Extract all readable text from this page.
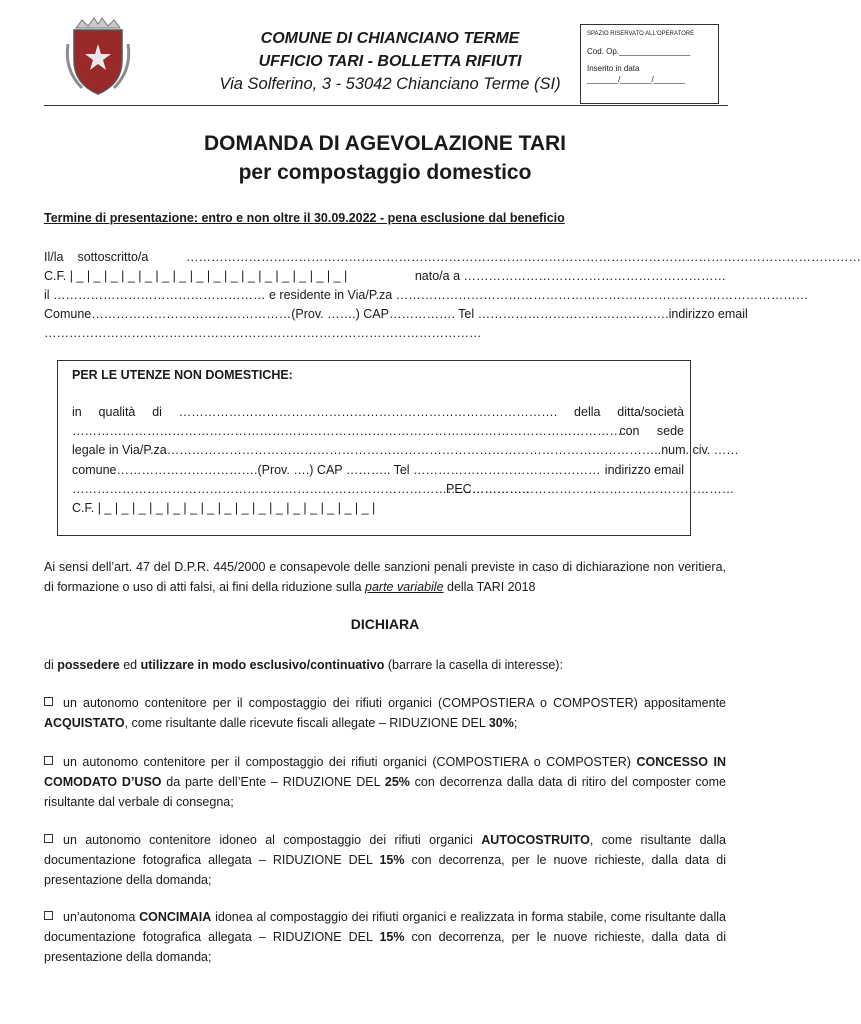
COMUNE DI CHIANCIANO TERME
UFFICIO TARI - BOLLETTA RIFIUTI
Via Solferino, 3 - 53042 Chianciano Terme (SI)
SPAZIO RISERVATO ALL'OPERATORE
Cod. Op.________________
Inserito in data
_______/_______/_______
DOMANDA DI AGEVOLAZIONE TARI
per compostaggio domestico
Termine di presentazione: entro e non oltre il 30.09.2022 - pena esclusione dal beneficio
Il/la sottoscritto/a	………………………………………………………………………………………………………………………………………………
C.F. | _ | _ | _ | _ | _ | _ | _ | _ | _ | _ | _ | _ | _ | _ | _ | _ |	nato/a a ………………………………………………………
il …………………………………………… e residente in Via/P.za ………………………………………………………………………………………
Comune………………………………………… (Prov. …….) CAP……………. Tel ………………………………………. indirizzo email
……………………………………………………………………………………………
PER LE UTENZE NON DOMESTICHE:
in qualità di ………………………………………………………………………………. della ditta/società
……………………………………………………………………………………………………………………
con sede
legale in Via/P.za………………………………………………………………………………………………………..num. civ. ……
comune…………………………….(Prov. ….) CAP ……….. Tel ……………………………………… indirizzo email
………………………………………………………………………………………………..
PEC………………………………………………………
C.F. | _ | _ | _ | _ | _ | _ | _ | _ | _ | _ | _ | _ | _ | _ | _ | _ |
Ai sensi dell’art. 47 del D.P.R. 445/2000 e consapevole delle sanzioni penali previste in caso di dichiarazione non veritiera, di formazione o uso di atti falsi, ai fini della riduzione sulla parte variabile della TARI 2018
DICHIARA
di possedere ed utilizzare in modo esclusivo/continuativo (barrare la casella di interesse):
un autonomo contenitore per il compostaggio dei rifiuti organici (COMPOSTIERA o COMPOSTER) appositamente ACQUISTATO, come risultante dalle ricevute fiscali allegate – RIDUZIONE DEL 30%;
un autonomo contenitore per il compostaggio dei rifiuti organici (COMPOSTIERA o COMPOSTER) CONCESSO IN COMODATO D’USO da parte dell’Ente – RIDUZIONE DEL 25% con decorrenza dalla data di ritiro del composter come risultante dal verbale di consegna;
un autonomo contenitore idoneo al compostaggio dei rifiuti organici AUTOCOSTRUITO, come risultante dalla documentazione fotografica allegata – RIDUZIONE DEL 15% con decorrenza, per le nuove richieste, dalla data di presentazione della domanda;
un’autonoma CONCIMAIA idonea al compostaggio dei rifiuti organici e realizzata in forma stabile, come risultante dalla documentazione fotografica allegata – RIDUZIONE DEL 15% con decorrenza, per le nuove richieste, dalla data di presentazione della domanda;
